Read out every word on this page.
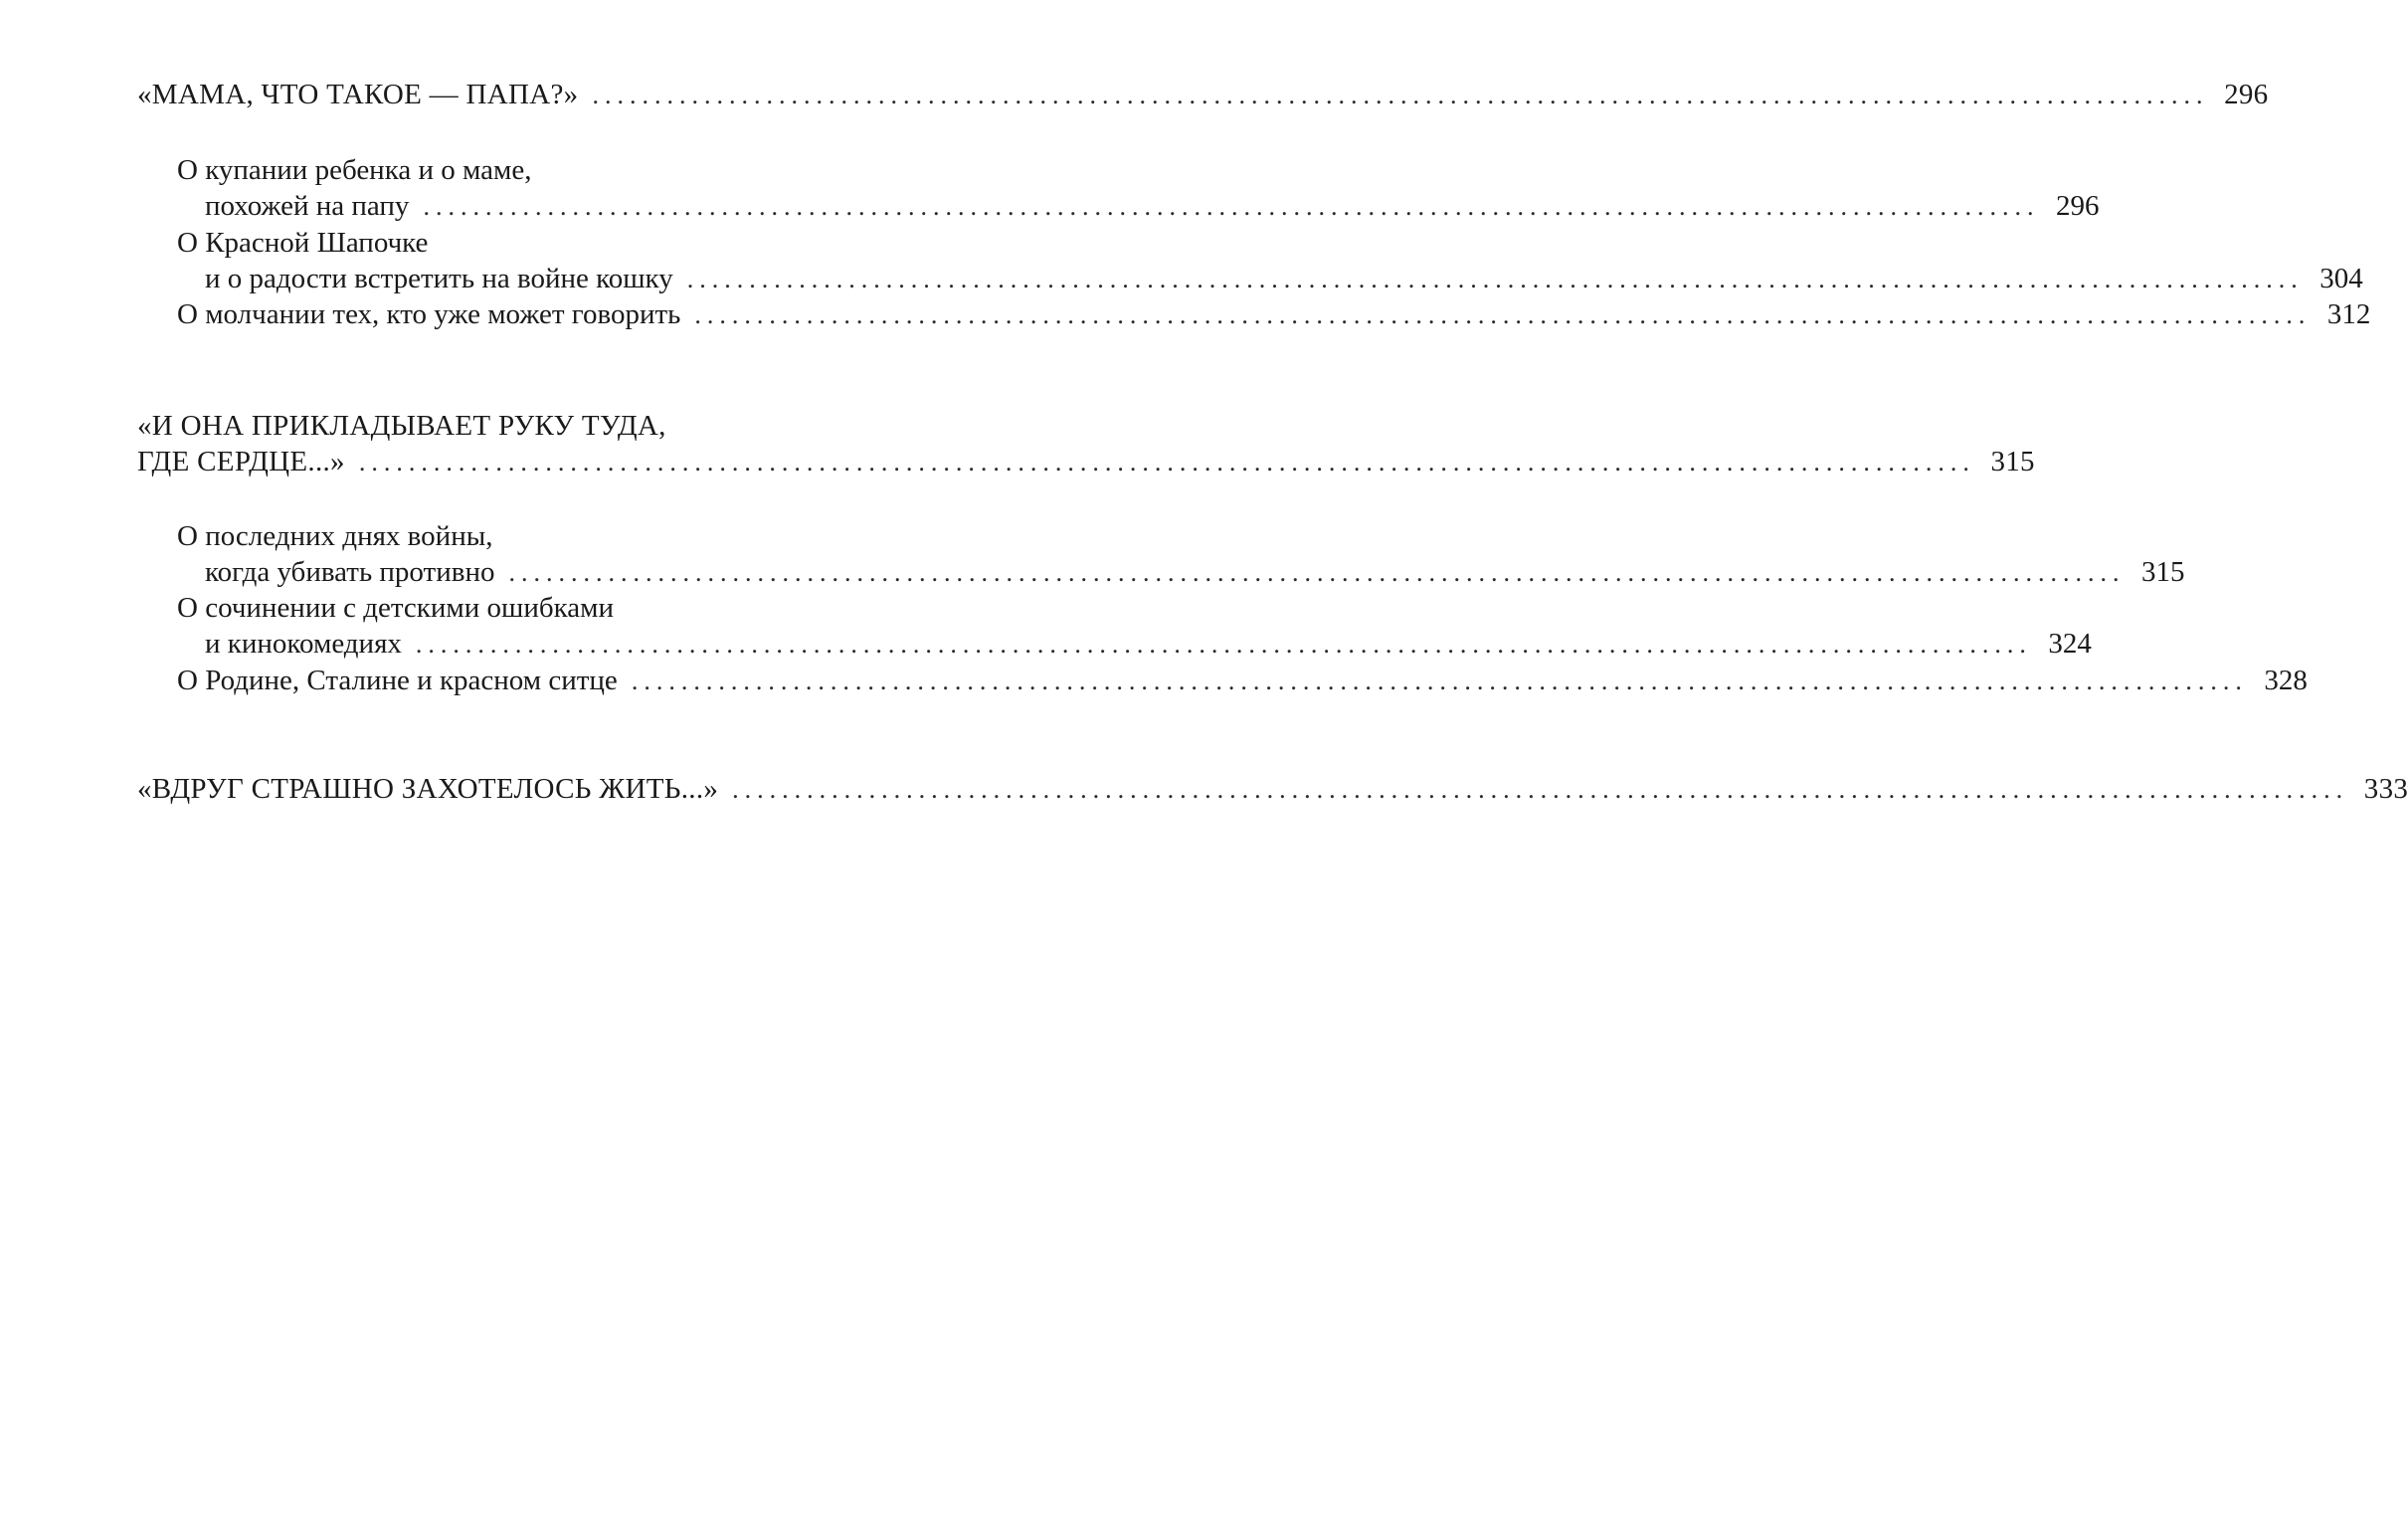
«МАМА, ЧТО ТАКОЕ — ПАПА?» .................................................................................................................................. 296
О купании ребенка и о маме,
похожей на папу .................................................................................................................................. 296
О Красной Шапочке
и о радости встретить на войне кошку .................................................................................................................................. 304
О молчании тех, кто уже может говорить .................................................................................................................................. 312
«И ОНА ПРИКЛАДЫВАЕТ РУКУ ТУДА,
ГДЕ СЕРДЦЕ...» .................................................................................................................................. 315
О последних днях войны,
когда убивать противно .................................................................................................................................. 315
О сочинении с детскими ошибками
и кинокомедиях .................................................................................................................................. 324
О Родине, Сталине и красном ситце .................................................................................................................................. 328
«ВДРУГ СТРАШНО ЗАХОТЕЛОСЬ ЖИТЬ...» .................................................................................................................................. 333
